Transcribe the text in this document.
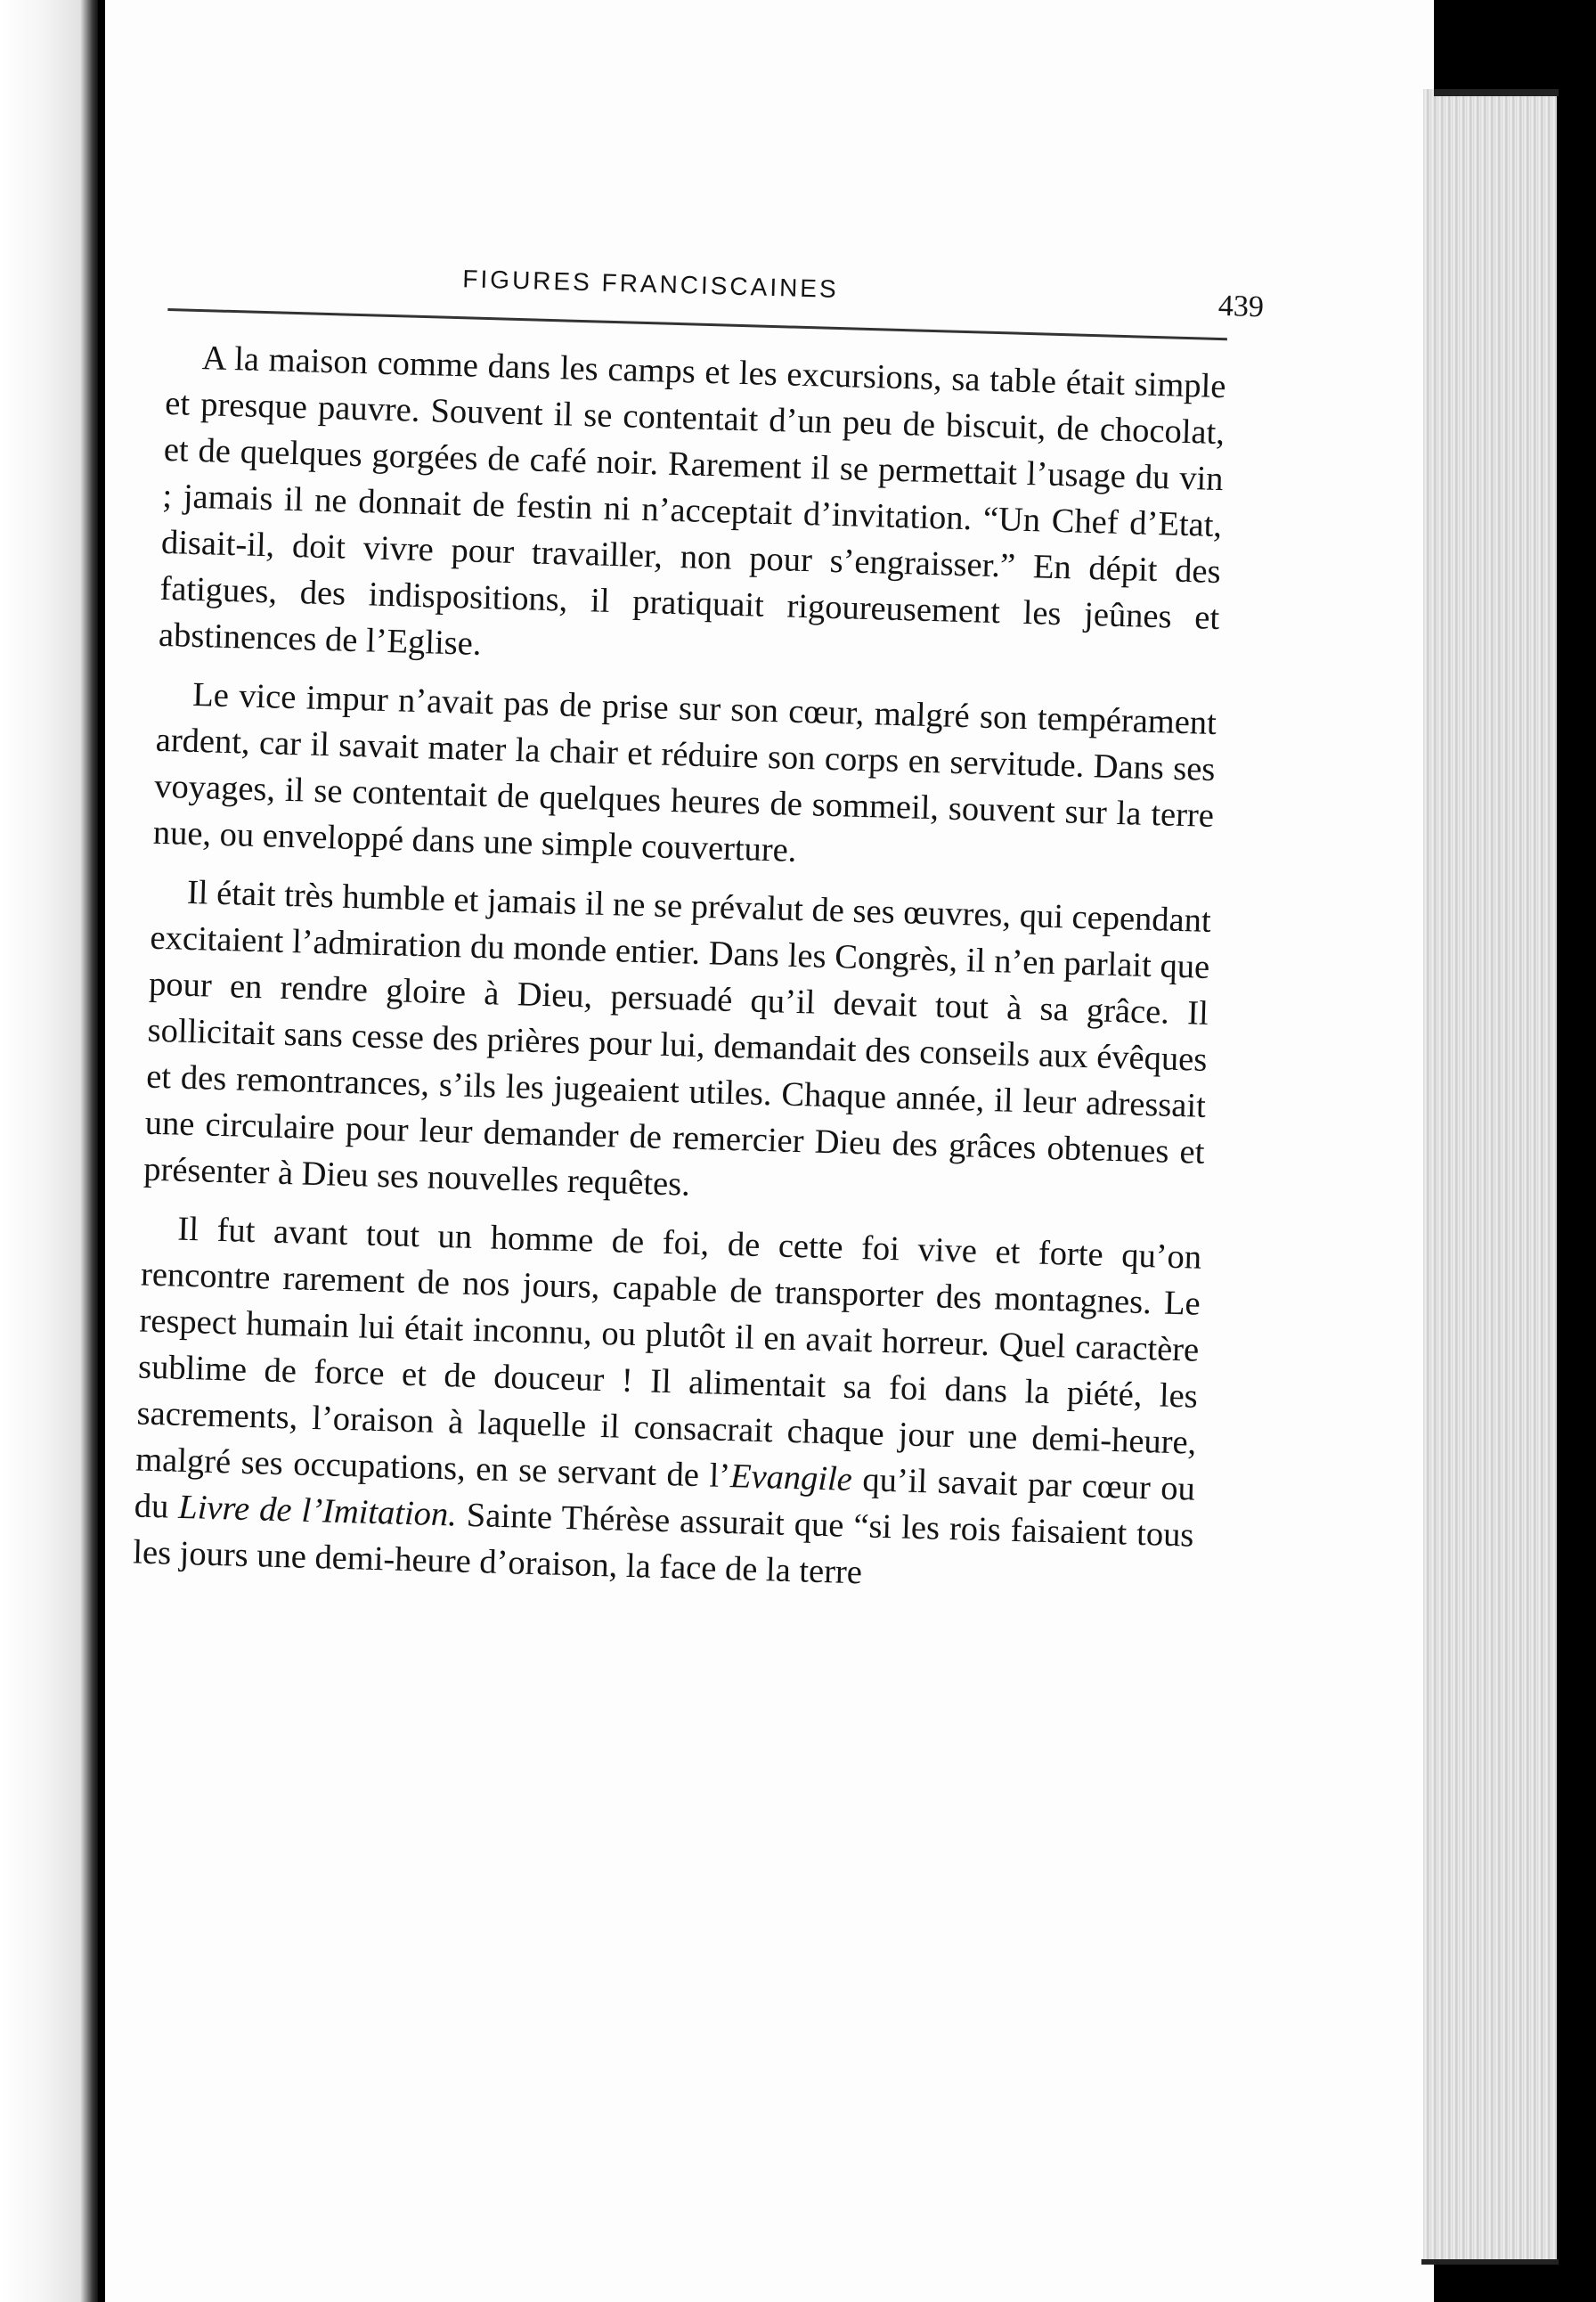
FIGURES FRANCISCAINES
439

A la maison comme dans les camps et les excursions, sa table était simple et presque pauvre. Souvent il se contentait d’un peu de biscuit, de chocolat, et de quelques gorgées de café noir. Rarement il se permettait l’usage du vin ; jamais il ne donnait de festin ni n’acceptait d’invitation. “Un Chef d’Etat, disait-il, doit vivre pour travailler, non pour s’engraisser.” En dépit des fatigues, des indispositions, il pratiquait rigoureusement les jeûnes et abstinences de l’Eglise.

Le vice impur n’avait pas de prise sur son cœur, malgré son tempérament ardent, car il savait mater la chair et réduire son corps en servitude. Dans ses voyages, il se contentait de quelques heures de sommeil, souvent sur la terre nue, ou enveloppé dans une simple couverture.

Il était très humble et jamais il ne se prévalut de ses œuvres, qui cependant excitaient l’admiration du monde entier. Dans les Congrès, il n’en parlait que pour en rendre gloire à Dieu, persuadé qu’il devait tout à sa grâce. Il sollicitait sans cesse des prières pour lui, demandait des conseils aux évêques et des remontrances, s’ils les jugeaient utiles. Chaque année, il leur adressait une circulaire pour leur demander de remercier Dieu des grâces obtenues et présenter à Dieu ses nouvelles requêtes.

Il fut avant tout un homme de foi, de cette foi vive et forte qu’on rencontre rarement de nos jours, capable de transporter des montagnes. Le respect humain lui était inconnu, ou plutôt il en avait horreur. Quel caractère sublime de force et de douceur ! Il alimentait sa foi dans la piété, les sacrements, l’oraison à laquelle il consacrait chaque jour une demi-heure, malgré ses occupations, en se servant de l’Evangile qu’il savait par cœur ou du Livre de l’Imitation. Sainte Thérèse assurait que “si les rois faisaient tous les jours une demi-heure d’oraison, la face de la terre
